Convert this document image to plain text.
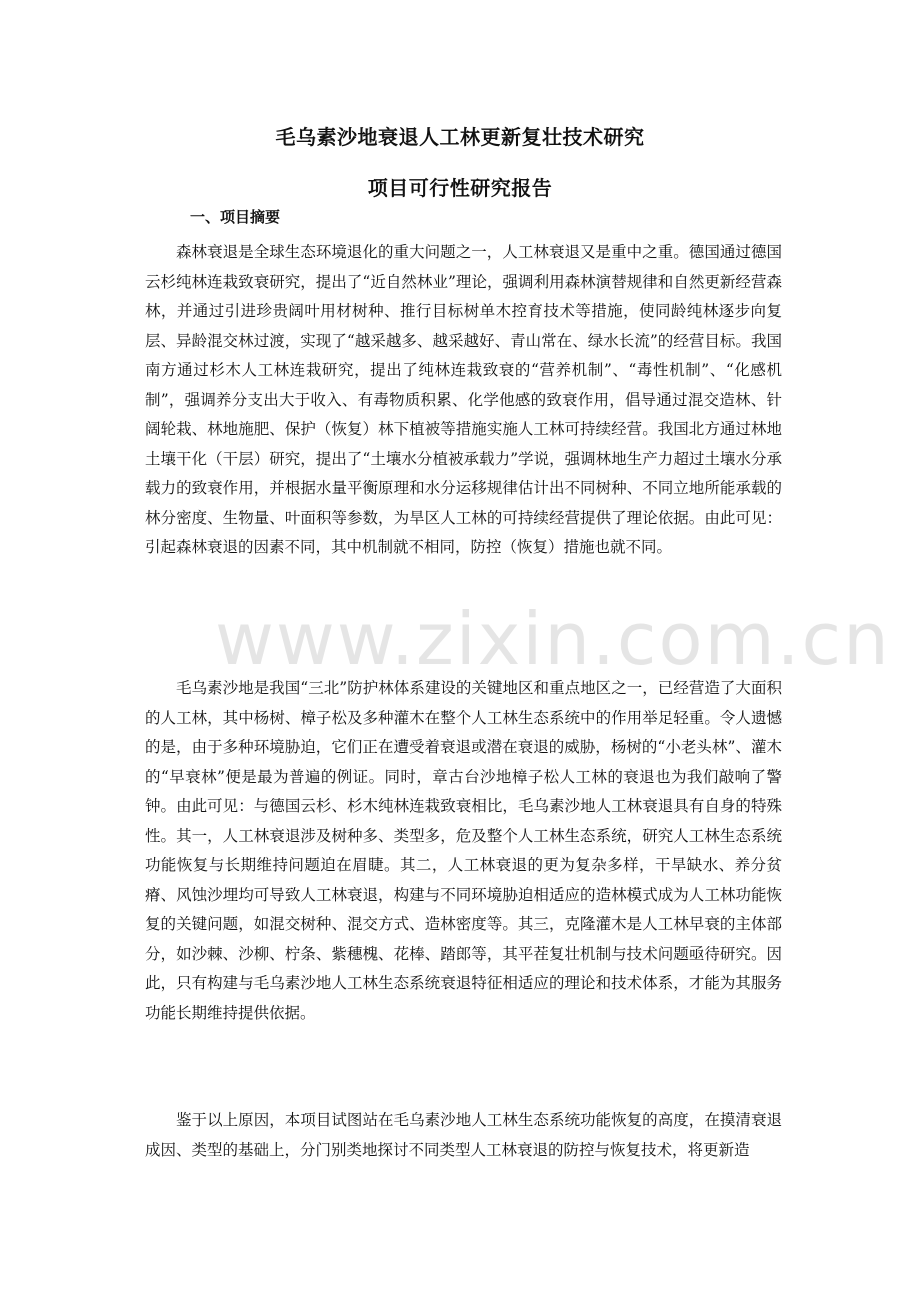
毛乌素沙地衰退人工林更新复壮技术研究
项目可行性研究报告
一、项目摘要

森林衰退是全球生态环境退化的重大问题之一，人工林衰退又是重中之重。德国通过德国云杉纯林连栽致衰研究，提出了“近自然林业”理论，强调利用森林演替规律和自然更新经营森林，并通过引进珍贵阔叶用材树种、推行目标树单木控育技术等措施，使同龄纯林逐步向复层、异龄混交林过渡，实现了“越采越多、越采越好、青山常在、绿水长流”的经营目标。我国南方通过杉木人工林连栽研究，提出了纯林连栽致衰的“营养机制”、“毒性机制”、“化感机制”，强调养分支出大于收入、有毒物质积累、化学他感的致衰作用，倡导通过混交造林、针阔轮栽、林地施肥、保护（恢复）林下植被等措施实施人工林可持续经营。我国北方通过林地土壤干化（干层）研究，提出了“土壤水分植被承载力”学说，强调林地生产力超过土壤水分承载力的致衰作用，并根据水量平衡原理和水分运移规律估计出不同树种、不同立地所能承载的林分密度、生物量、叶面积等参数，为旱区人工林的可持续经营提供了理论依据。由此可见：引起森林衰退的因素不同，其中机制就不相同，防控（恢复）措施也就不同。

毛乌素沙地是我国“三北”防护林体系建设的关键地区和重点地区之一，已经营造了大面积的人工林，其中杨树、樟子松及多种灌木在整个人工林生态系统中的作用举足轻重。令人遗憾的是，由于多种环境胁迫，它们正在遭受着衰退或潜在衰退的威胁，杨树的“小老头林”、灌木的“早衰林”便是最为普遍的例证。同时，章古台沙地樟子松人工林的衰退也为我们敲响了警钟。由此可见：与德国云杉、杉木纯林连栽致衰相比，毛乌素沙地人工林衰退具有自身的特殊性。其一，人工林衰退涉及树种多、类型多，危及整个人工林生态系统，研究人工林生态系统功能恢复与长期维持问题迫在眉睫。其二，人工林衰退的更为复杂多样，干旱缺水、养分贫瘠、风蚀沙埋均可导致人工林衰退，构建与不同环境胁迫相适应的造林模式成为人工林功能恢复的关键问题，如混交树种、混交方式、造林密度等。其三，克隆灌木是人工林早衰的主体部分，如沙棘、沙柳、柠条、紫穗槐、花棒、踏郎等，其平茬复壮机制与技术问题亟待研究。因此，只有构建与毛乌素沙地人工林生态系统衰退特征相适应的理论和技术体系，才能为其服务功能长期维持提供依据。

鉴于以上原因，本项目试图站在毛乌素沙地人工林生态系统功能恢复的高度，在摸清衰退成因、类型的基础上，分门别类地探讨不同类型人工林衰退的防控与恢复技术，将更新造

www.zixin.com.cn
